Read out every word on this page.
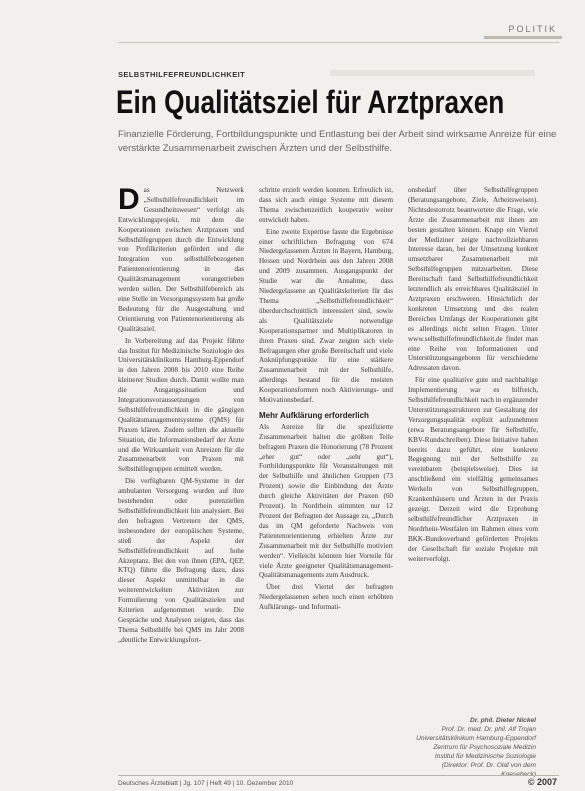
POLITIK
SELBSTHILFEFREUNDLICHKEIT
Ein Qualitätsziel für Arztpraxen
Finanzielle Förderung, Fortbildungspunkte und Entlastung bei der Arbeit sind wirksame Anreize für eine verstärkte Zusammenarbeit zwischen Ärzten und der Selbsthilfe.

Das Netzwerk „Selbsthilfefreundlichkeit im Gesundheitswesen“ verfolgt als Entwicklungsprojekt, mit dem die Kooperationen zwischen Arztpraxen und Selbsthilfegruppen durch die Entwicklung von Profilkriterien gefördert und die Integration von selbsthilfebezogenen Patientenorientierung in das Qualitätsmanagement vorangetrieben werden sollen. Der Selbsthilfebereich als eine Stelle im Versorgungssystem hat große Bedeutung für die Ausgestaltung und Orientierung von Patientenorientierung als Qualitätsziel.

In Vorbereitung auf das Projekt führte das Institut für Medizinische Soziologie des Universitätsklinikums Hamburg-Eppendorf in den Jahren 2008 bis 2010 eine Reihe kleinerer Studien durch. Damit wollte man die Ausgangssituation und Integrationsvoraussetzungen von Selbsthilfefreundlichkeit in die gängigen Qualitätsmanagementsysteme (QMS) für Praxen klären. Zudem sollten die aktuelle Situation, die Informationsbedarf der Ärzte und die Wirksamkeit von Anreizen für die Zusammenarbeit von Praxen mit Selbsthilfegruppen ermittelt werden.

Die verfügbaren QM-Systeme in der ambulanten Versorgung wurden auf ihre bestehenden oder potenziellen Selbsthilfefreundlichkeit hin analysiert. Bei den befragten Vertretern der QMS, insbesondere der europäischen Systeme, stieß der Aspekt der Selbsthilfefreundlichkeit auf hohe Akzeptanz. Bei den von ihnen (EPA, QEP, KTQ) führte die Befragung dazu, dass dieser Aspekt unmittelbar in die weiterentwickelten Aktivitäten zur Formulierung von Qualitätszielen und Kriterien aufgenommen wurde. Die Gespräche und Analysen zeigten, dass das Thema Selbsthilfe bei QMS im Jahr 2008 „deutliche Entwicklungsfort-

schritte erzielt werden konnten. Erfreulich ist, dass sich auch einige Systeme mit diesem Thema zwischenzeitlich kooperativ weiter entwickelt haben.

Eine zweite Expertise fasste die Ergebnisse einer schriftlichen Befragung von 674 Niedergelassenen Ärzten in Bayern, Hamburg, Hessen und Nordrhein aus den Jahren 2008 und 2009 zusammen. Ausgangspunkt der Studie war die Annahme, dass Niedergelassene an Qualitätskriterien für das Thema „Selbsthilfefreundlichkeit“ überdurchschnittlich interessiert sind, sowie als Qualitätsziele notwendige Kooperationspartner und Multiplikatoren in ihren Praxen sind. Zwar zeigten sich viele Befragungen eher große Bereitschaft und viele Anknüpfungspunkte für eine stärkere Zusammenarbeit mit der Selbsthilfe, allerdings bestand für die meisten Kooperationsformen noch Aktivierungs- und Motivationsbedarf.

Mehr Aufklärung erforderlich

Als Anreize für die spezifizierte Zusammenarbeit halten die größten Teile befragten Praxen die Honorierung (78 Prozent „eher gut“ oder „sehr gut“), Fortbildungspunkte für Veranstaltungen mit der Selbsthilfe und ähnlichen Gruppen (73 Prozent) sowie die Einbindung der Ärzte durch gleiche Aktivitäten der Praxen (60 Prozent). In Nordrhein stimmten nur 12 Prozent der Befragten der Aussage zu, „Durch das im QM geforderte Nachweis von Patientenorientierung erhielten Ärzte zur Zusammenarbeit mit der Selbsthilfe motiviert werden“. Vielleicht könnten hier Vorteile für viele Ärzte geeigneter Qualitätsmanagement-Qualitätsmanagements zum Ausdruck.

Über drei Viertel der befragten Niedergelassenen sehen noch einen erhöhten Aufklärungs- und Informati-

onsbedarf über Selbsthilfegruppen (Beratungsangebote, Ziele, Arbeitsweisen). Nichtsdestotrotz beantwortete die Frage, wie Ärzte die Zusammenarbeit mit ihnen am besten gestalten können. Knapp ein Viertel der Mediziner zeigte nachvollziehbaren Interesse daran, bei der Umsetzung konkret umsetzbarer Zusammenarbeit mit Selbsthilfegruppen mitzuarbeiten. Diese Bereitschaft fand Selbsthilfefreundlichkeit letztendlich als erreichbares Qualitätsziel in Arztpraxen erschweren. Hinsichtlich der konkreten Umsetzung und des realen Bereiches Umfangs der Kooperationen gibt es allerdings nicht selten Fragen. Unter www.selbsthilfefreundlichkeit.de findet man eine Reihe von Informationen und Unterstützungsangeboten für verschiedene Adressaten davon.

Für eine qualitative gute und nachhaltige Implementierung war es hilfreich, Selbsthilfefreundlichkeit nach in ergänzender Unterstützungsstrukturen zur Gestaltung der Versorgungsqualität explizit aufzunehmen (etwa Beratungsangebote für Selbsthilfe, KBV-Rundschreiben). Diese Initiative haben bereits dazu geführt, eine konkrete Begegnung mit der Selbsthilfe zu vereinbaren (beispielsweise). Dies ist anschließend ein vielfältig gemeinsames Werkeln von Selbsthilfegruppen, Krankenhäusern und Ärzten in der Praxis gezeigt. Derzeit wird die Erprobung selbsthilfefreundlicher Arztpraxen in Nordrhein-Westfalen im Rahmen eines vom BKK-Bundesverband geförderten Projekts der Gesellschaft für soziale Projekte mit weiterverfolgt.

Dr. phil. Dieter Nickel
Prof. Dr. med. Dr. phil. Alf Trojan
Universitätsklinikum Hamburg-Eppendorf
Zentrum für Psychosoziale Medizin
Institut für Medizinische Soziologie
(Direktor: Prof. Dr. Olaf von dem
Deutsches Ärzteblatt | Jg. 107 | Heft 49 | 10. Dezember 2010	© 2007
